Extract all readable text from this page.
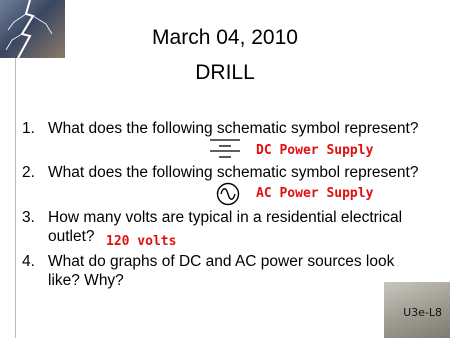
March 04, 2010
DRILL
1. What does the following schematic symbol represent?
DC Power Supply
2. What does the following schematic symbol represent?
AC Power Supply
3. How many volts are typical in a residential electrical
outlet? 120 volts
4. What do graphs of DC and AC power sources look
like? Why?
U3e-L8
